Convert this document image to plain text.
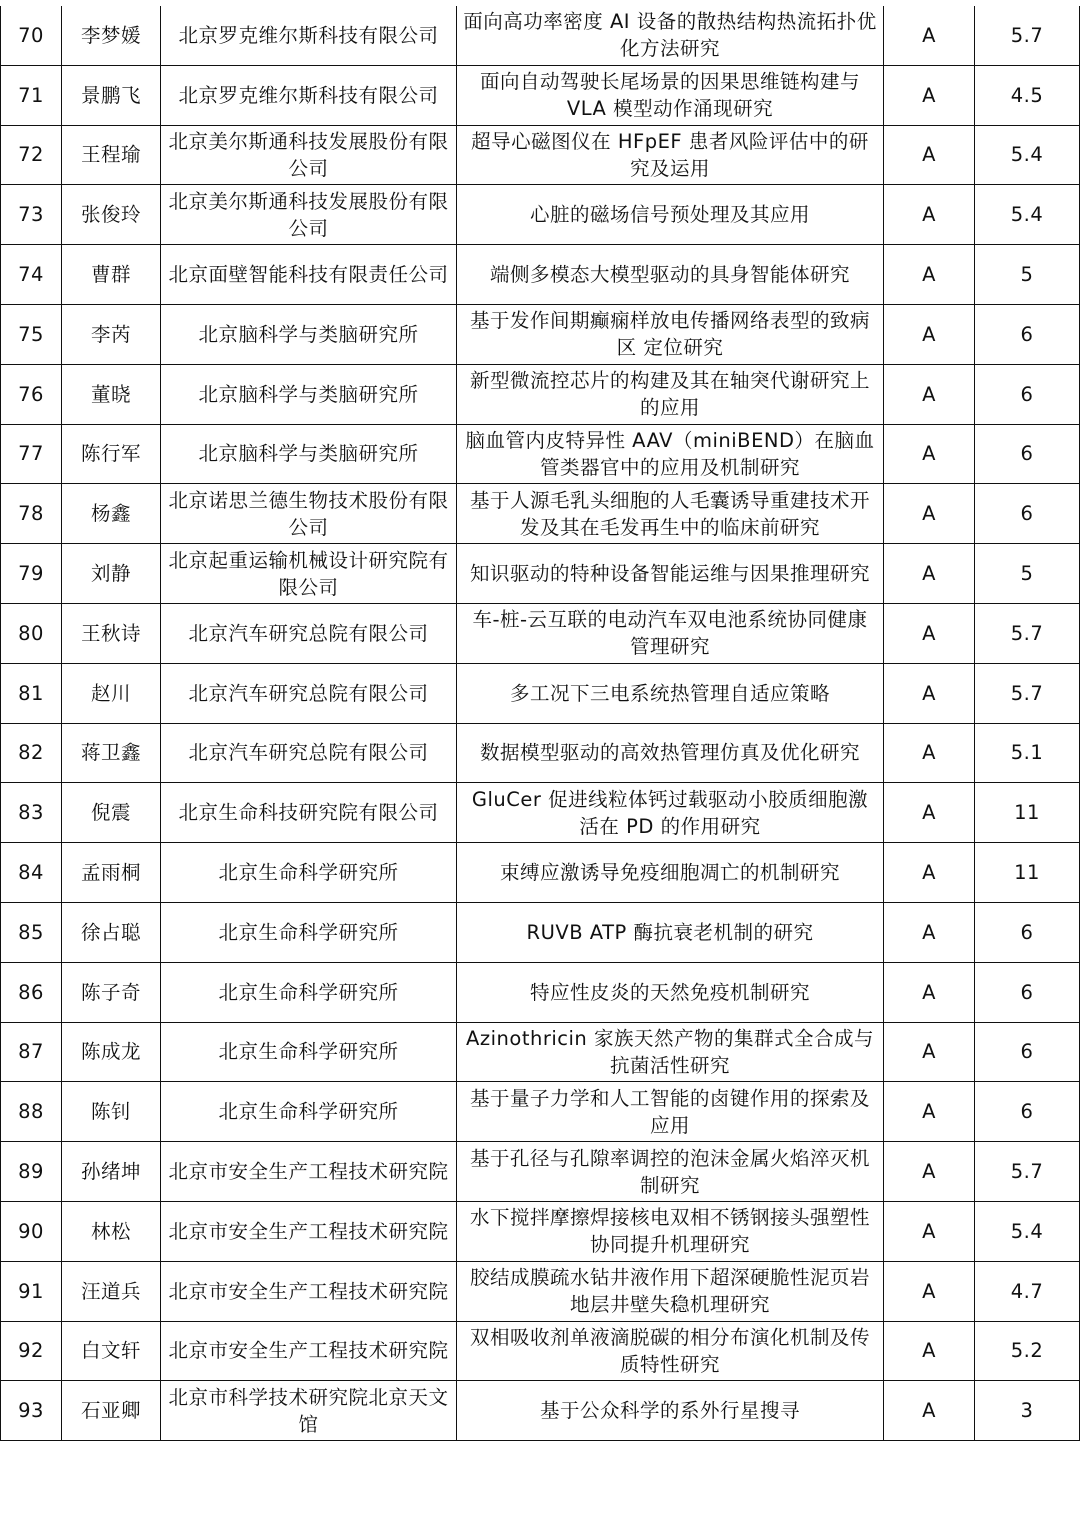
70	李梦媛	北京罗克维尔斯科技有限公司	面向高功率密度 AI 设备的散热结构热流拓扑优化方法研究	A	5.7
71	景鹏飞	北京罗克维尔斯科技有限公司	面向自动驾驶长尾场景的因果思维链构建与 VLA 模型动作涌现研究	A	4.5
72	王程瑜	北京美尔斯通科技发展股份有限公司	超导心磁图仪在 HFpEF 患者风险评估中的研究及运用	A	5.4
73	张俊玲	北京美尔斯通科技发展股份有限公司	心脏的磁场信号预处理及其应用	A	5.4
74	曹群	北京面壁智能科技有限责任公司	端侧多模态大模型驱动的具身智能体研究	A	5
75	李芮	北京脑科学与类脑研究所	基于发作间期癫痫样放电传播网络表型的致病区 定位研究	A	6
76	董晓	北京脑科学与类脑研究所	新型微流控芯片的构建及其在轴突代谢研究上的应用	A	6
77	陈行军	北京脑科学与类脑研究所	脑血管内皮特异性 AAV（miniBEND）在脑血管类器官中的应用及机制研究	A	6
78	杨鑫	北京诺思兰德生物技术股份有限公司	基于人源毛乳头细胞的人毛囊诱导重建技术开发及其在毛发再生中的临床前研究	A	6
79	刘静	北京起重运输机械设计研究院有限公司	知识驱动的特种设备智能运维与因果推理研究	A	5
80	王秋诗	北京汽车研究总院有限公司	车-桩-云互联的电动汽车双电池系统协同健康管理研究	A	5.7
81	赵川	北京汽车研究总院有限公司	多工况下三电系统热管理自适应策略	A	5.7
82	蒋卫鑫	北京汽车研究总院有限公司	数据模型驱动的高效热管理仿真及优化研究	A	5.1
83	倪震	北京生命科技研究院有限公司	GluCer 促进线粒体钙过载驱动小胶质细胞激活在 PD 的作用研究	A	11
84	孟雨桐	北京生命科学研究所	束缚应激诱导免疫细胞凋亡的机制研究	A	11
85	徐占聪	北京生命科学研究所	RUVB ATP 酶抗衰老机制的研究	A	6
86	陈子奇	北京生命科学研究所	特应性皮炎的天然免疫机制研究	A	6
87	陈成龙	北京生命科学研究所	Azinothricin 家族天然产物的集群式全合成与抗菌活性研究	A	6
88	陈钊	北京生命科学研究所	基于量子力学和人工智能的卤键作用的探索及应用	A	6
89	孙绪坤	北京市安全生产工程技术研究院	基于孔径与孔隙率调控的泡沫金属火焰淬灭机制研究	A	5.7
90	林松	北京市安全生产工程技术研究院	水下搅拌摩擦焊接核电双相不锈钢接头强塑性 协同提升机理研究	A	5.4
91	汪道兵	北京市安全生产工程技术研究院	胶结成膜疏水钻井液作用下超深硬脆性泥页岩地层井壁失稳机理研究	A	4.7
92	白文轩	北京市安全生产工程技术研究院	双相吸收剂单液滴脱碳的相分布演化机制及传质特性研究	A	5.2
93	石亚卿	北京市科学技术研究院北京天文馆	基于公众科学的系外行星搜寻	A	3
